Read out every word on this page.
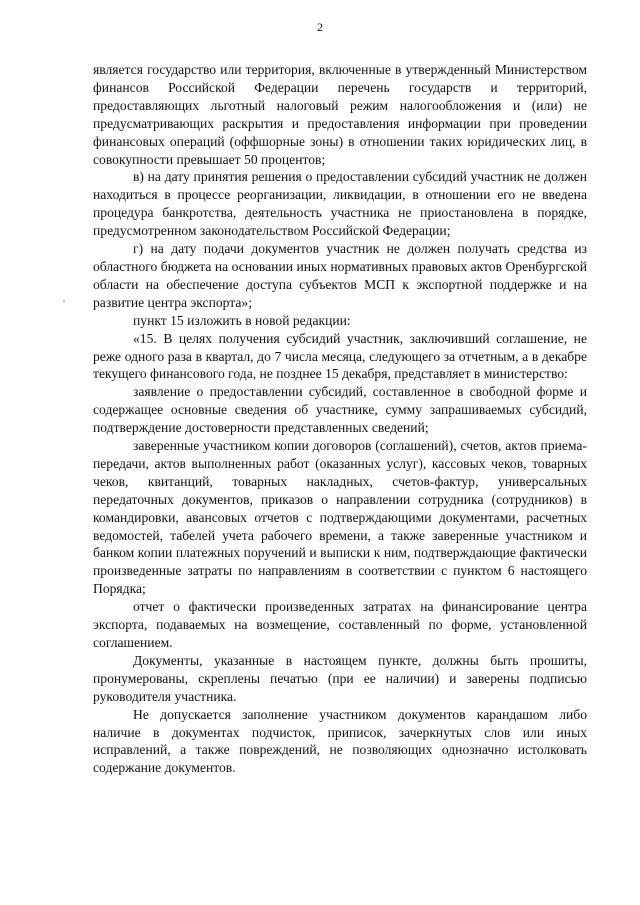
2

является государство или территория, включенные в утвержденный Министерством финансов Российской Федерации перечень государств и территорий, предоставляющих льготный налоговый режим налогообложения и (или) не предусматривающих раскрытия и предоставления информации при проведении финансовых операций (оффшорные зоны) в отношении таких юридических лиц, в совокупности превышает 50 процентов;

в) на дату принятия решения о предоставлении субсидий участник не должен находиться в процессе реорганизации, ликвидации, в отношении его не введена процедура банкротства, деятельность участника не приостановлена в порядке, предусмотренном законодательством Российской Федерации;

г) на дату подачи документов участник не должен получать средства из областного бюджета на основании иных нормативных правовых актов Оренбургской области на обеспечение доступа субъектов МСП к экспортной поддержке и на развитие центра экспорта»;

пункт 15 изложить в новой редакции:

«15. В целях получения субсидий участник, заключивший соглашение, не реже одного раза в квартал, до 7 числа месяца, следующего за отчетным, а в декабре текущего финансового года, не позднее 15 декабря, представляет в министерство:

заявление о предоставлении субсидий, составленное в свободной форме и содержащее основные сведения об участнике, сумму запрашиваемых субсидий, подтверждение достоверности представленных сведений;

заверенные участником копии договоров (соглашений), счетов, актов приема-передачи, актов выполненных работ (оказанных услуг), кассовых чеков, товарных чеков, квитанций, товарных накладных, счетов-фактур, универсальных передаточных документов, приказов о направлении сотрудника (сотрудников) в командировки, авансовых отчетов с подтверждающими документами, расчетных ведомостей, табелей учета рабочего времени, а также заверенные участником и банком копии платежных поручений и выписки к ним, подтверждающие фактически произведенные затраты по направлениям в соответствии с пунктом 6 настоящего Порядка;

отчет о фактически произведенных затратах на финансирование центра экспорта, подаваемых на возмещение, составленный по форме, установленной соглашением.

Документы, указанные в настоящем пункте, должны быть прошиты, пронумерованы, скреплены печатью (при ее наличии) и заверены подписью руководителя участника.

Не допускается заполнение участником документов карандашом либо наличие в документах подчисток, приписок, зачеркнутых слов или иных исправлений, а также повреждений, не позволяющих однозначно истолковать содержание документов.
